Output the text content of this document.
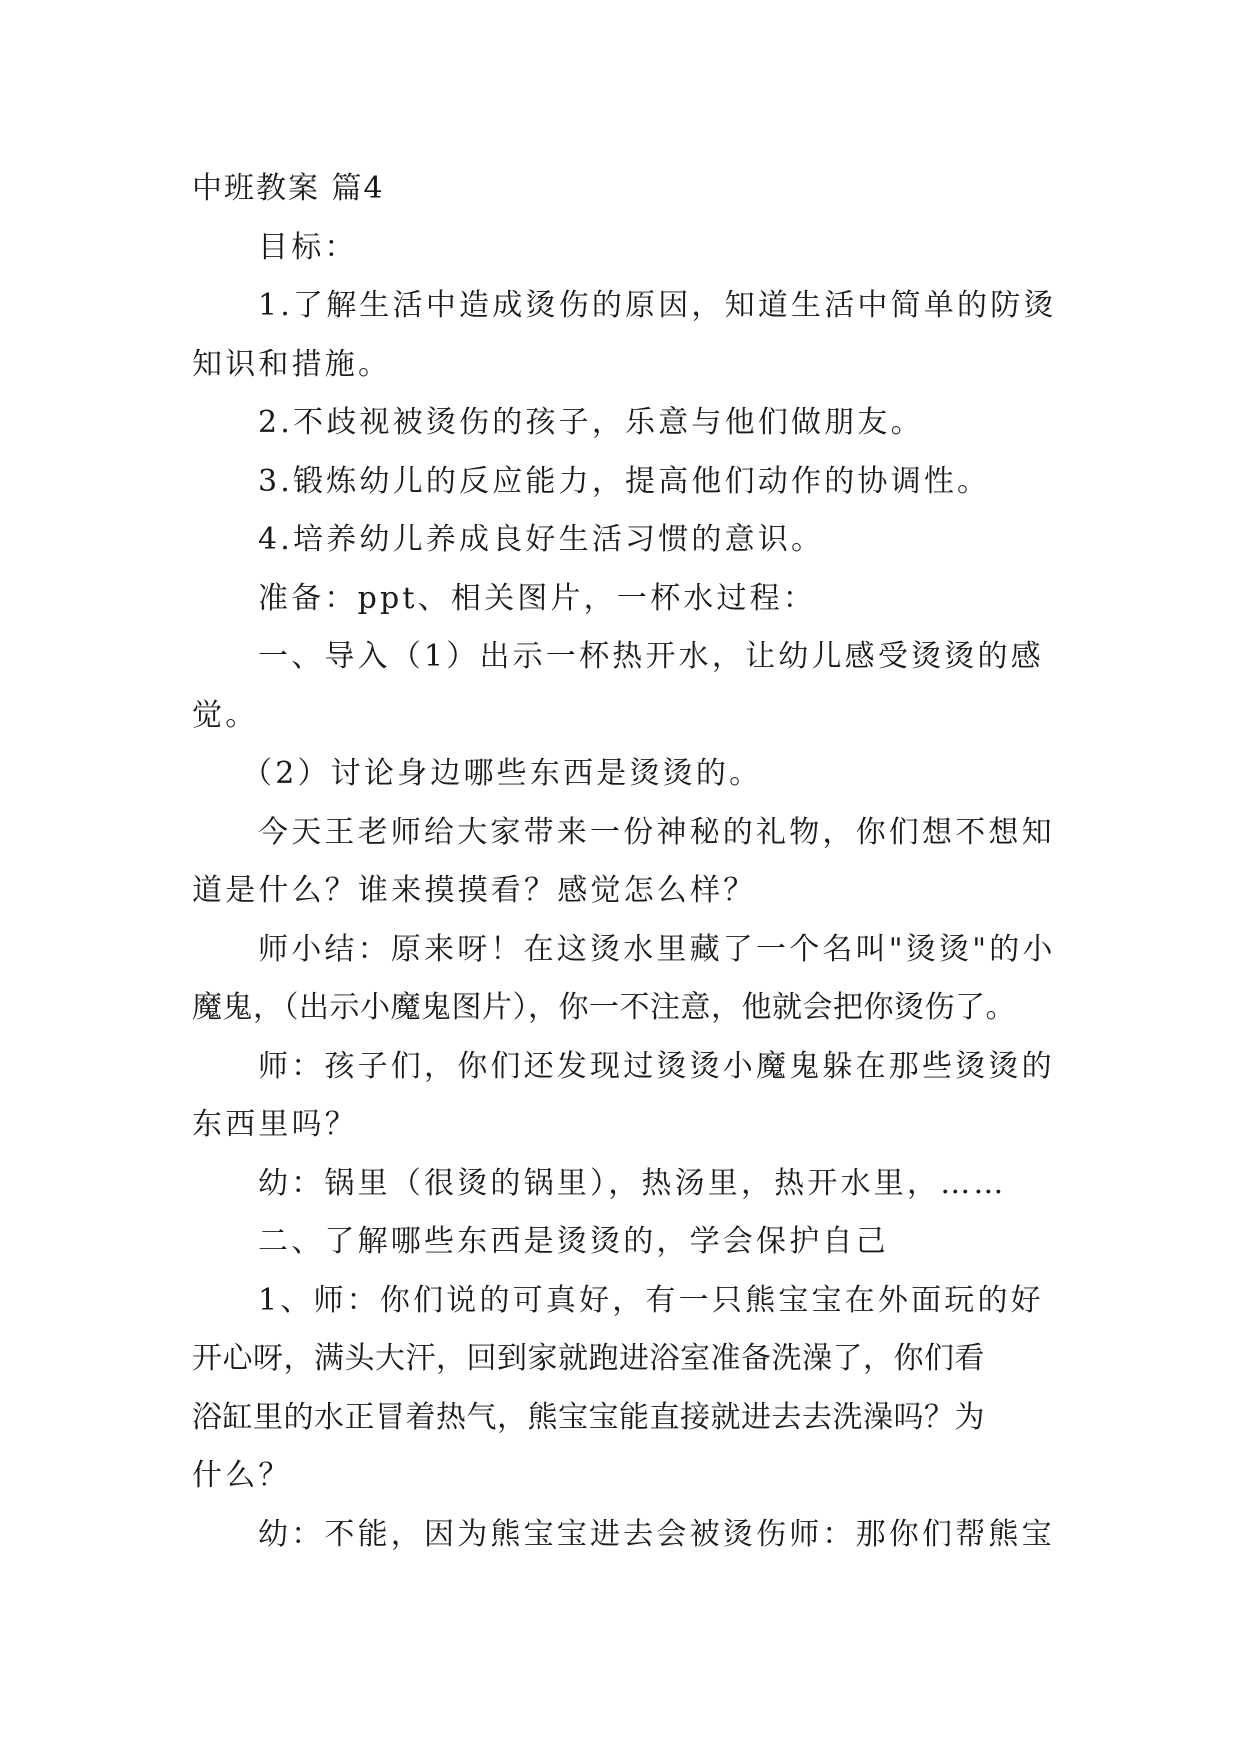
中班教案 篇4
目标：
1.了解生活中造成烫伤的原因，知道生活中简单的防烫
知识和措施。
2.不歧视被烫伤的孩子，乐意与他们做朋友。
3.锻炼幼儿的反应能力，提高他们动作的协调性。
4.培养幼儿养成良好生活习惯的意识。
准备：ppt、相关图片，一杯水过程：
一、导入（1）出示一杯热开水，让幼儿感受烫烫的感
觉。
（2）讨论身边哪些东西是烫烫的。
今天王老师给大家带来一份神秘的礼物，你们想不想知
道是什么？谁来摸摸看？感觉怎么样？
师小结：原来呀！在这烫水里藏了一个名叫"烫烫"的小
魔鬼，（出示小魔鬼图片），你一不注意，他就会把你烫伤了。
师：孩子们，你们还发现过烫烫小魔鬼躲在那些烫烫的
东西里吗？
幼：锅里（很烫的锅里），热汤里，热开水里，……
二、了解哪些东西是烫烫的，学会保护自己
1、师：你们说的可真好，有一只熊宝宝在外面玩的好
开心呀，满头大汗，回到家就跑进浴室准备洗澡了，你们看
浴缸里的水正冒着热气，熊宝宝能直接就进去去洗澡吗？为
什么？
幼：不能，因为熊宝宝进去会被烫伤师：那你们帮熊宝
